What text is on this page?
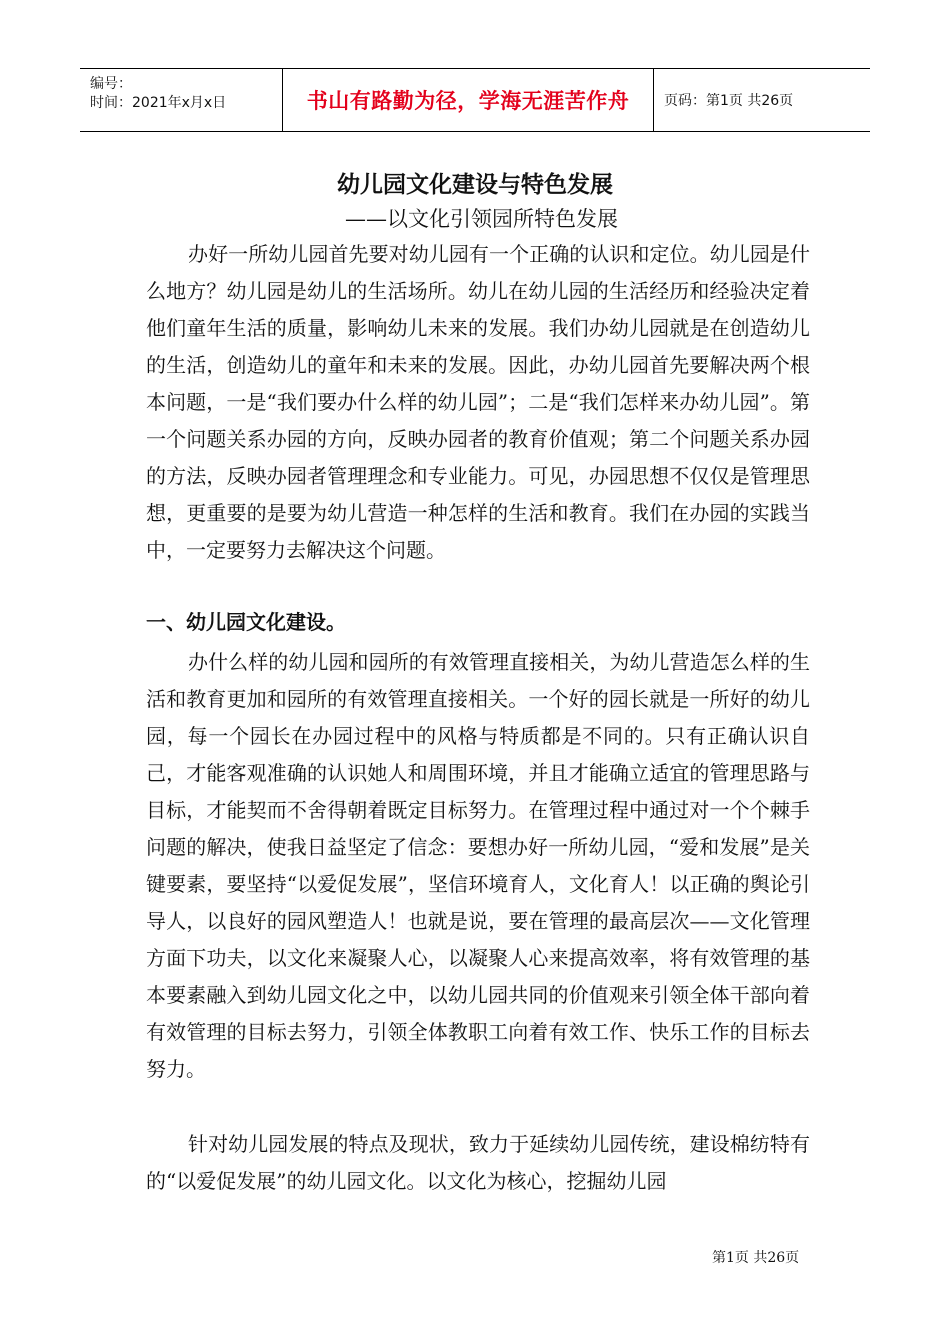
编号：
时间：2021年x月x日	书山有路勤为径，学海无涯苦作舟	页码：第1页 共26页
幼儿园文化建设与特色发展
——以文化引领园所特色发展
办好一所幼儿园首先要对幼儿园有一个正确的认识和定位。幼儿园是什么地方？幼儿园是幼儿的生活场所。幼儿在幼儿园的生活经历和经验决定着他们童年生活的质量，影响幼儿未来的发展。我们办幼儿园就是在创造幼儿的生活，创造幼儿的童年和未来的发展。因此，办幼儿园首先要解决两个根本问题，一是“我们要办什么样的幼儿园”；二是“我们怎样来办幼儿园”。第一个问题关系办园的方向，反映办园者的教育价值观；第二个问题关系办园的方法，反映办园者管理理念和专业能力。可见，办园思想不仅仅是管理思想，更重要的是要为幼儿营造一种怎样的生活和教育。我们在办园的实践当中，一定要努力去解决这个问题。
一、幼儿园文化建设。
办什么样的幼儿园和园所的有效管理直接相关，为幼儿营造怎么样的生活和教育更加和园所的有效管理直接相关。一个好的园长就是一所好的幼儿园，每一个园长在办园过程中的风格与特质都是不同的。只有正确认识自己，才能客观准确的认识她人和周围环境，并且才能确立适宜的管理思路与目标，才能契而不舍得朝着既定目标努力。在管理过程中通过对一个个棘手问题的解决，使我日益坚定了信念：要想办好一所幼儿园，“爱和发展”是关键要素，要坚持“以爱促发展”，坚信环境育人，文化育人！以正确的舆论引导人，以良好的园风塑造人！也就是说，要在管理的最高层次——文化管理方面下功夫，以文化来凝聚人心，以凝聚人心来提高效率，将有效管理的基本要素融入到幼儿园文化之中，以幼儿园共同的价值观来引领全体干部向着有效管理的目标去努力，引领全体教职工向着有效工作、快乐工作的目标去努力。
针对幼儿园发展的特点及现状，致力于延续幼儿园传统，建设棉纺特有的“以爱促发展”的幼儿园文化。以文化为核心，挖掘幼儿园
第1页 共26页
